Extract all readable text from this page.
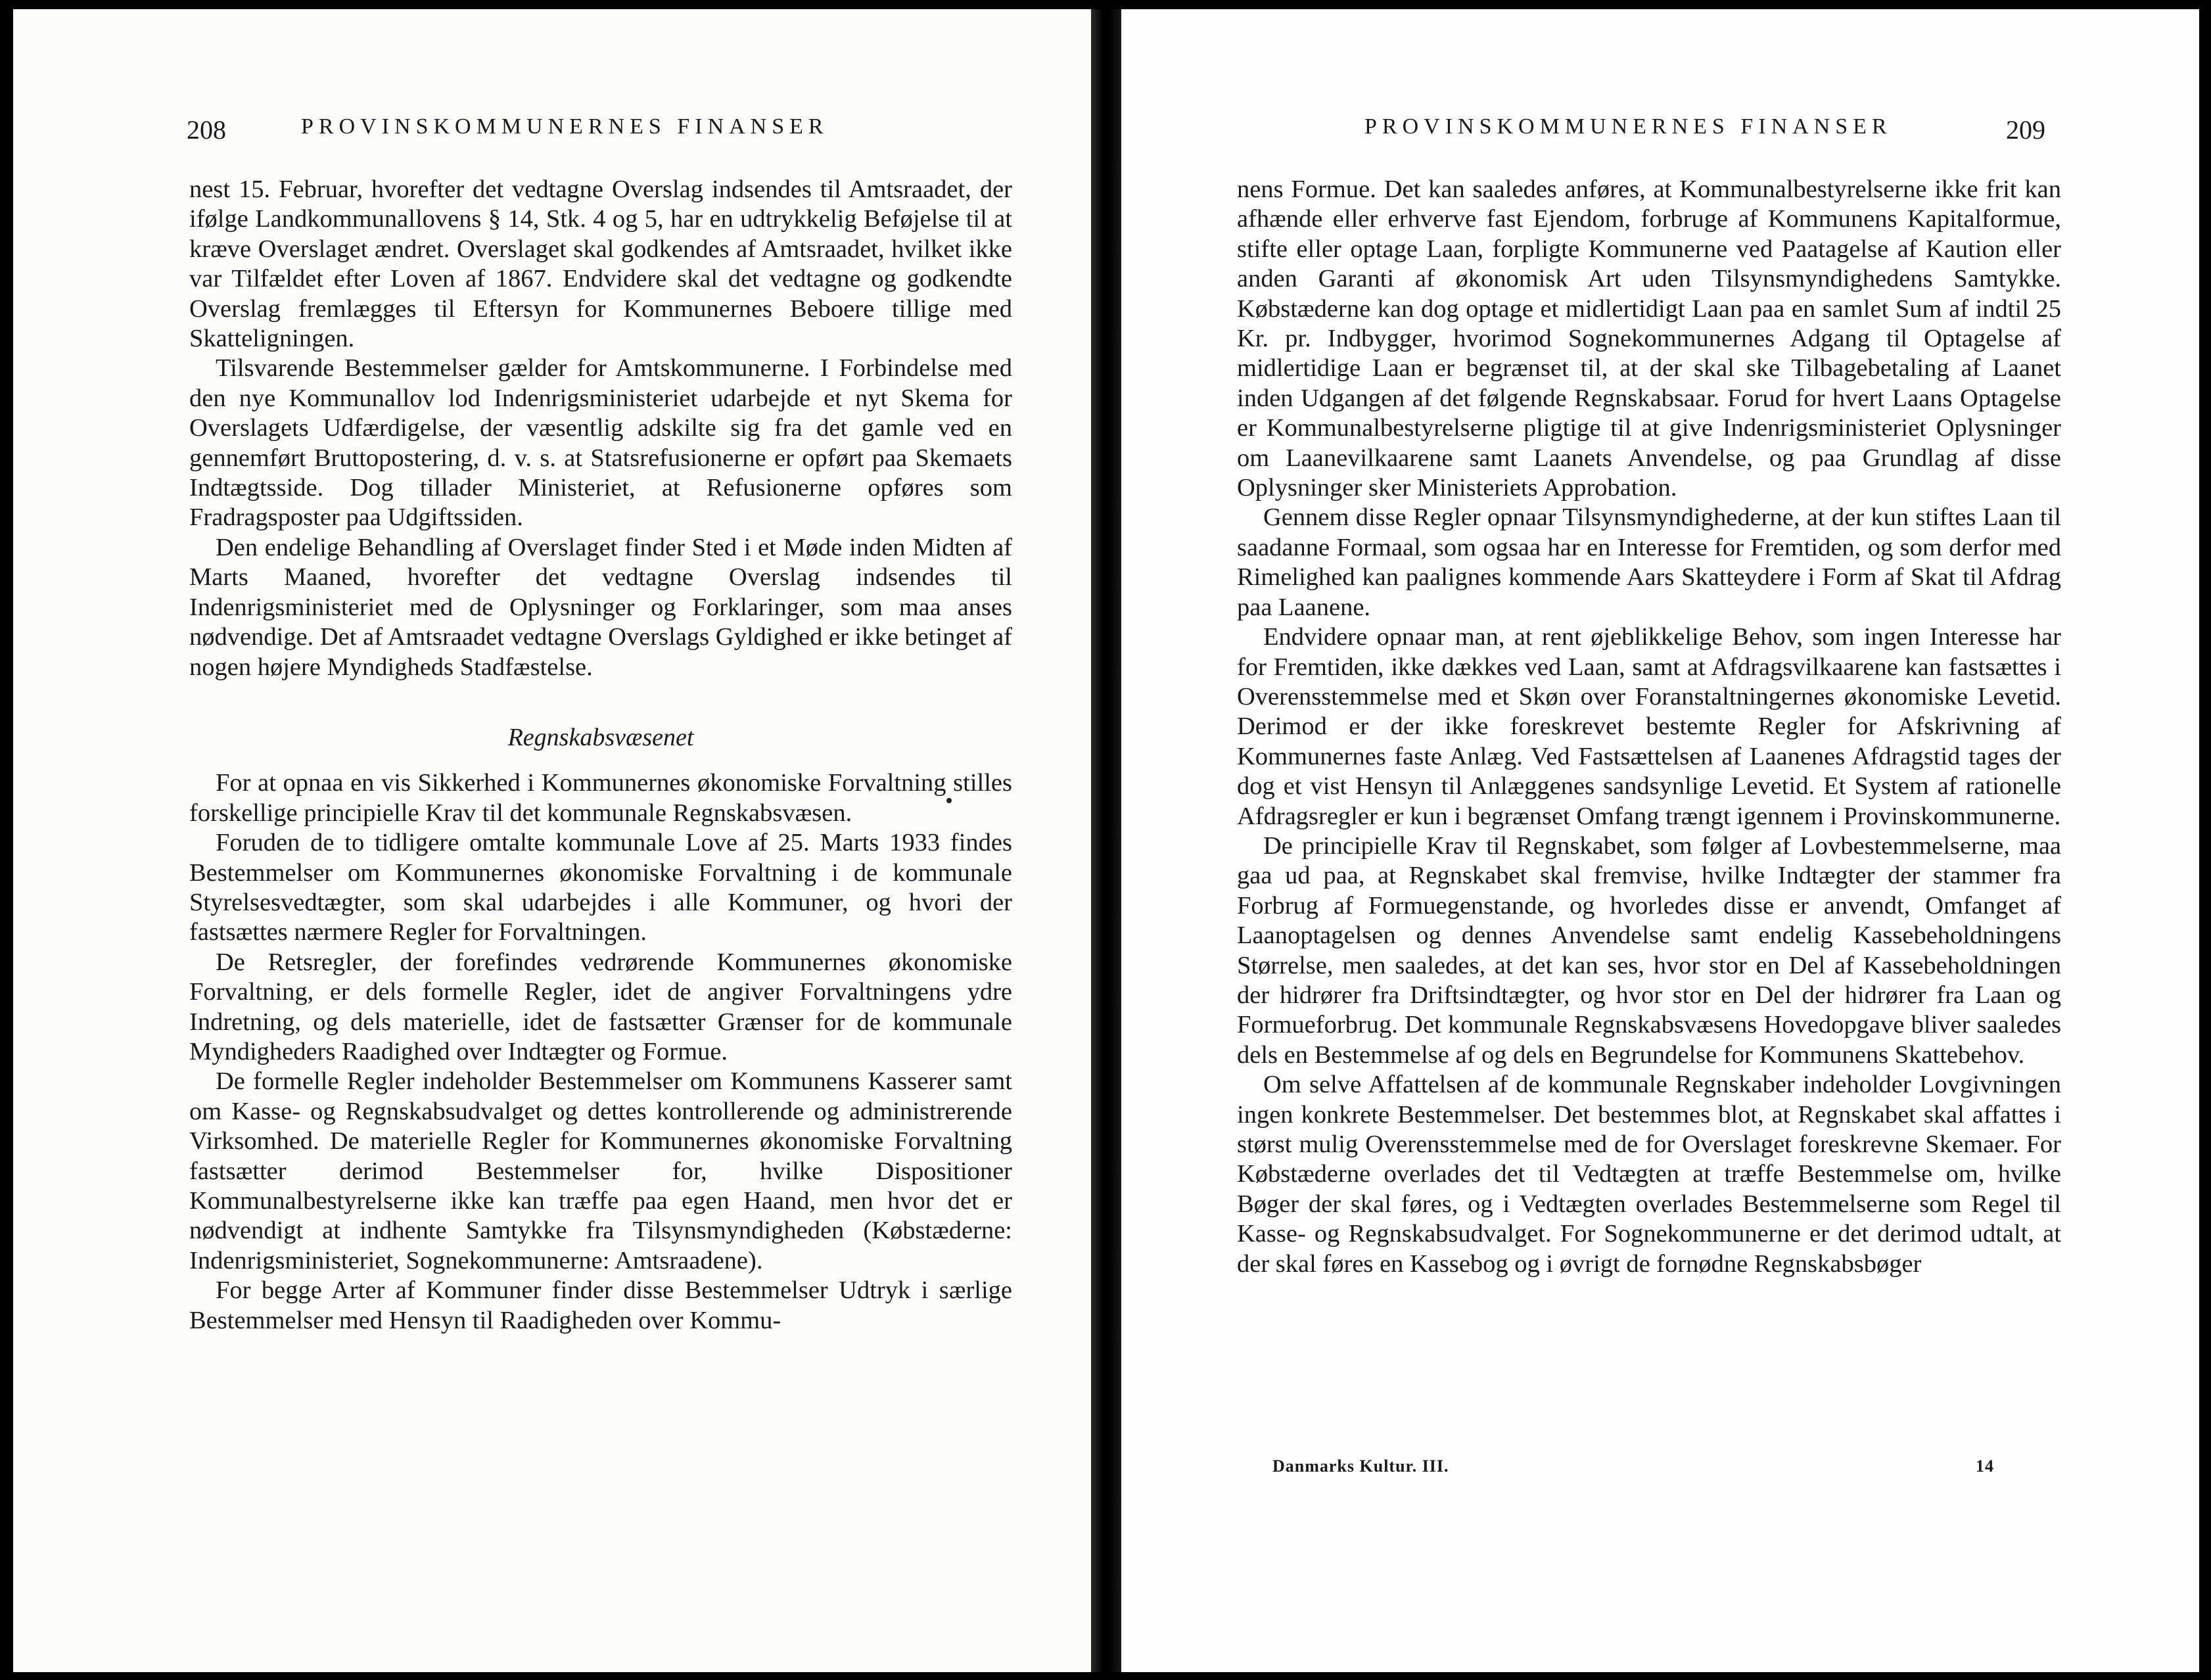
208	PROVINSKOMMUNERNES FINANSER

nest 15. Februar, hvorefter det vedtagne Overslag indsendes til Amtsraadet, der ifølge Landkommunallovens § 14, Stk. 4 og 5, har en udtrykkelig Beføjelse til at kræve Overslaget ændret. Overslaget skal godkendes af Amtsraadet, hvilket ikke var Tilfældet efter Loven af 1867. Endvidere skal det vedtagne og godkendte Overslag fremlægges til Eftersyn for Kommunernes Beboere tillige med Skatteligningen.

Tilsvarende Bestemmelser gælder for Amtskommunerne. I Forbindelse med den nye Kommunallov lod Indenrigsministeriet udarbejde et nyt Skema for Overslagets Udfærdigelse, der væsentlig adskilte sig fra det gamle ved en gennemført Bruttopostering, d. v. s. at Statsrefusionerne er opført paa Skemaets Indtægtsside. Dog tillader Ministeriet, at Refusionerne opføres som Fradragsposter paa Udgiftssiden.

Den endelige Behandling af Overslaget finder Sted i et Møde inden Midten af Marts Maaned, hvorefter det vedtagne Overslag indsendes til Indenrigsministeriet med de Oplysninger og Forklaringer, som maa anses nødvendige. Det af Amtsraadet vedtagne Overslags Gyldighed er ikke betinget af nogen højere Myndigheds Stadfæstelse.

Regnskabsvæsenet

For at opnaa en vis Sikkerhed i Kommunernes økonomiske Forvaltning stilles forskellige principielle Krav til det kommunale Regnskabsvæsen.

Foruden de to tidligere omtalte kommunale Love af 25. Marts 1933 findes Bestemmelser om Kommunernes økonomiske Forvaltning i de kommunale Styrelsesvedtægter, som skal udarbejdes i alle Kommuner, og hvori der fastsættes nærmere Regler for Forvaltningen.

De Retsregler, der forefindes vedrørende Kommunernes økonomiske Forvaltning, er dels formelle Regler, idet de angiver Forvaltningens ydre Indretning, og dels materielle, idet de fastsætter Grænser for de kommunale Myndigheders Raadighed over Indtægter og Formue.

De formelle Regler indeholder Bestemmelser om Kommunens Kasserer samt om Kasse- og Regnskabsudvalget og dettes kontrollerende og administrerende Virksomhed. De materielle Regler for Kommunernes økonomiske Forvaltning fastsætter derimod Bestemmelser for, hvilke Dispositioner Kommunalbestyrelserne ikke kan træffe paa egen Haand, men hvor det er nødvendigt at indhente Samtykke fra Tilsynsmyndigheden (Købstæderne: Indenrigsministeriet, Sognekommunerne: Amtsraadene).

For begge Arter af Kommuner finder disse Bestemmelser Udtryk i særlige Bestemmelser med Hensyn til Raadigheden over Kommu-

PROVINSKOMMUNERNES FINANSER	209

nens Formue. Det kan saaledes anføres, at Kommunalbestyrelserne ikke frit kan afhænde eller erhverve fast Ejendom, forbruge af Kommunens Kapitalformue, stifte eller optage Laan, forpligte Kommunerne ved Paatagelse af Kaution eller anden Garanti af økonomisk Art uden Tilsynsmyndighedens Samtykke. Købstæderne kan dog optage et midlertidigt Laan paa en samlet Sum af indtil 25 Kr. pr. Indbygger, hvorimod Sognekommunernes Adgang til Optagelse af midlertidige Laan er begrænset til, at der skal ske Tilbagebetaling af Laanet inden Udgangen af det følgende Regnskabsaar. Forud for hvert Laans Optagelse er Kommunalbestyrelserne pligtige til at give Indenrigsministeriet Oplysninger om Laanevilkaarene samt Laanets Anvendelse, og paa Grundlag af disse Oplysninger sker Ministeriets Approbation.

Gennem disse Regler opnaar Tilsynsmyndighederne, at der kun stiftes Laan til saadanne Formaal, som ogsaa har en Interesse for Fremtiden, og som derfor med Rimelighed kan paalignes kommende Aars Skatteydere i Form af Skat til Afdrag paa Laanene.

Endvidere opnaar man, at rent øjeblikkelige Behov, som ingen Interesse har for Fremtiden, ikke dækkes ved Laan, samt at Afdragsvilkaarene kan fastsættes i Overensstemmelse med et Skøn over Foranstaltningernes økonomiske Levetid. Derimod er der ikke foreskrevet bestemte Regler for Afskrivning af Kommunernes faste Anlæg. Ved Fastsættelsen af Laanenes Afdragstid tages der dog et vist Hensyn til Anlæggenes sandsynlige Levetid. Et System af rationelle Afdragsregler er kun i begrænset Omfang trængt igennem i Provinskommunerne.

De principielle Krav til Regnskabet, som følger af Lovbestemmelserne, maa gaa ud paa, at Regnskabet skal fremvise, hvilke Indtægter der stammer fra Forbrug af Formuegenstande, og hvorledes disse er anvendt, Omfanget af Laanoptagelsen og dennes Anvendelse samt endelig Kassebeholdningens Størrelse, men saaledes, at det kan ses, hvor stor en Del af Kassebeholdningen der hidrører fra Driftsindtægter, og hvor stor en Del der hidrører fra Laan og Formueforbrug. Det kommunale Regnskabsvæsens Hovedopgave bliver saaledes dels en Bestemmelse af og dels en Begrundelse for Kommunens Skattebehov.

Om selve Affattelsen af de kommunale Regnskaber indeholder Lovgivningen ingen konkrete Bestemmelser. Det bestemmes blot, at Regnskabet skal affattes i størst mulig Overensstemmelse med de for Overslaget foreskrevne Skemaer. For Købstæderne overlades det til Vedtægten at træffe Bestemmelse om, hvilke Bøger der skal føres, og i Vedtægten overlades Bestemmelserne som Regel til Kasse- og Regnskabsudvalget. For Sognekommunerne er det derimod udtalt, at der skal føres en Kassebog og i øvrigt de fornødne Regnskabsbøger

Danmarks Kultur. III.	14
